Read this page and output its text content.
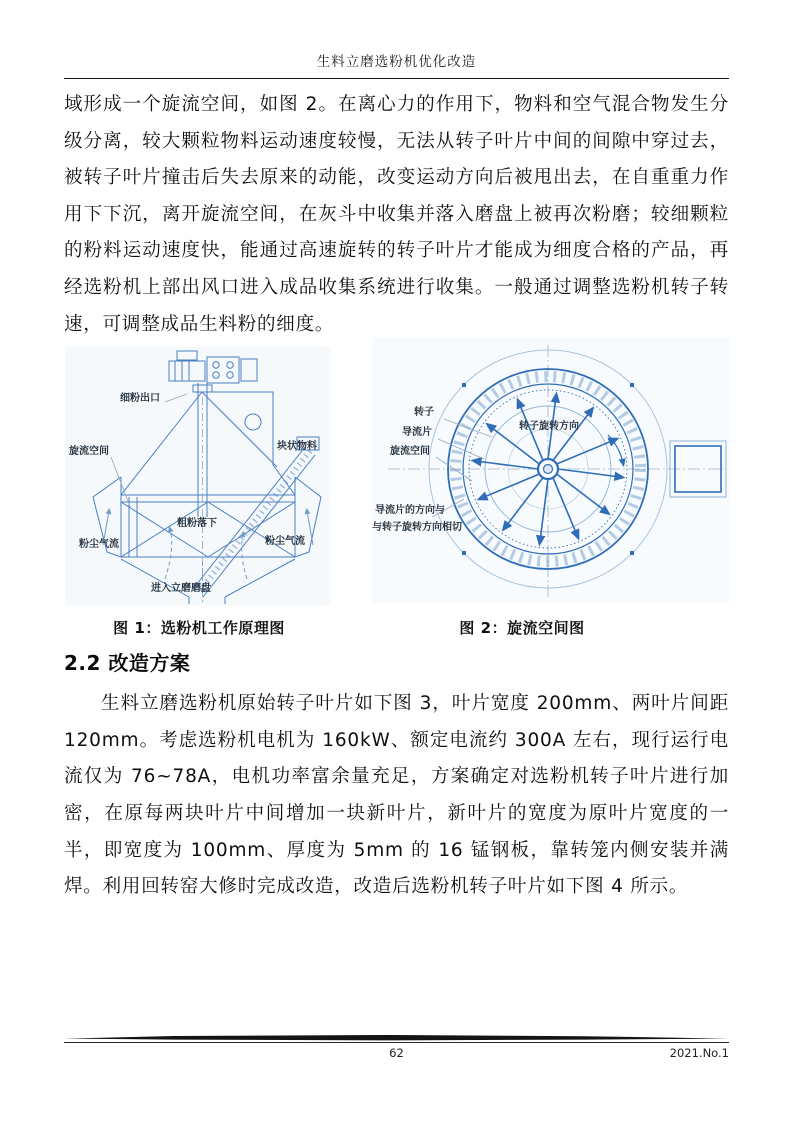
生料立磨选粉机优化改造
域形成一个旋流空间，如图 2。在离心力的作用下，物料和空气混合物发生分级分离，较大颗粒物料运动速度较慢，无法从转子叶片中间的间隙中穿过去，被转子叶片撞击后失去原来的动能，改变运动方向后被甩出去，在自重重力作用下下沉，离开旋流空间，在灰斗中收集并落入磨盘上被再次粉磨；较细颗粒的粉料运动速度快，能通过高速旋转的转子叶片才能成为细度合格的产品，再经选粉机上部出风口进入成品收集系统进行收集。一般通过调整选粉机转子转速，可调整成品生料粉的细度。
细粉出口
旋流空间	块状物料
粗粉落下
粉尘气流	粉尘气流
进入立磨磨盘
转子
导流片
旋流空间
转子旋转方向
导流片的方向与
与转子旋转方向相切
图 1：选粉机工作原理图	图 2：旋流空间图
2.2 改造方案
生料立磨选粉机原始转子叶片如下图 3，叶片宽度 200mm、两叶片间距 120mm。考虑选粉机电机为 160kW、额定电流约 300A 左右，现行运行电流仅为 76~78A，电机功率富余量充足，方案确定对选粉机转子叶片进行加密，在原每两块叶片中间增加一块新叶片，新叶片的宽度为原叶片宽度的一半，即宽度为 100mm、厚度为 5mm 的 16 锰钢板，靠转笼内侧安装并满焊。利用回转窑大修时完成改造，改造后选粉机转子叶片如下图 4 所示。
62	2021.No.1
